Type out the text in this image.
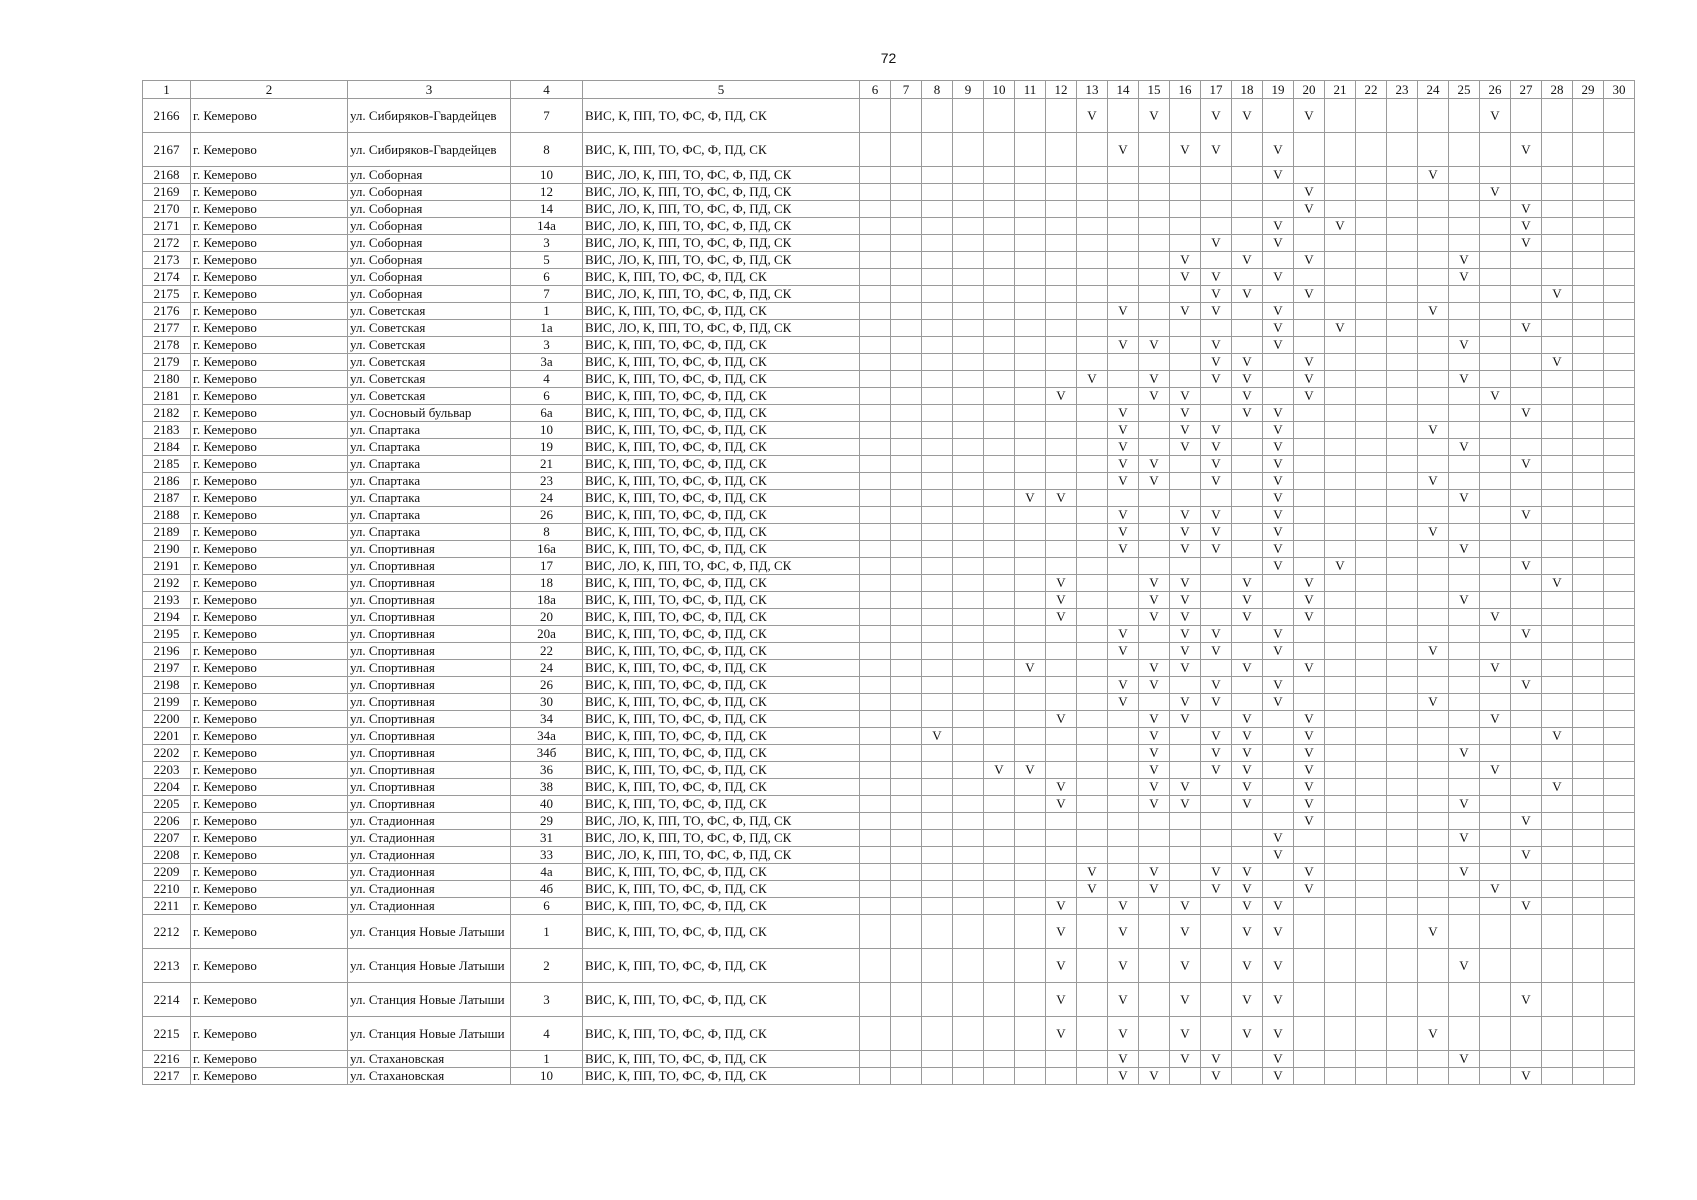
72
1	2	3	4	5	6	7	8	9	10	11	12	13	14	15	16	17	18	19	20	21	22	23	24	25	26	27	28	29	30
2166	г. Кемерово	ул. Сибиряков-Гвардейцев	7	ВИС, К, ПП, ТО, ФС, Ф, ПД, СК								V		V		V	V		V						V				
2167	г. Кемерово	ул. Сибиряков-Гвардейцев	8	ВИС, К, ПП, ТО, ФС, Ф, ПД, СК									V		V	V		V								V			
2168	г. Кемерово	ул. Соборная	10	ВИС, ЛО, К, ПП, ТО, ФС, Ф, ПД, СК														V					V						
2169	г. Кемерово	ул. Соборная	12	ВИС, ЛО, К, ПП, ТО, ФС, Ф, ПД, СК															V						V				
2170	г. Кемерово	ул. Соборная	14	ВИС, ЛО, К, ПП, ТО, ФС, Ф, ПД, СК															V							V			
2171	г. Кемерово	ул. Соборная	14а	ВИС, ЛО, К, ПП, ТО, ФС, Ф, ПД, СК														V		V						V			
2172	г. Кемерово	ул. Соборная	3	ВИС, ЛО, К, ПП, ТО, ФС, Ф, ПД, СК												V		V								V			
2173	г. Кемерово	ул. Соборная	5	ВИС, ЛО, К, ПП, ТО, ФС, Ф, ПД, СК											V		V		V					V					
2174	г. Кемерово	ул. Соборная	6	ВИС, К, ПП, ТО, ФС, Ф, ПД, СК											V	V		V						V					
2175	г. Кемерово	ул. Соборная	7	ВИС, ЛО, К, ПП, ТО, ФС, Ф, ПД, СК												V	V		V								V		
2176	г. Кемерово	ул. Советская	1	ВИС, К, ПП, ТО, ФС, Ф, ПД, СК									V		V	V		V					V						
2177	г. Кемерово	ул. Советская	1а	ВИС, ЛО, К, ПП, ТО, ФС, Ф, ПД, СК														V		V						V			
2178	г. Кемерово	ул. Советская	3	ВИС, К, ПП, ТО, ФС, Ф, ПД, СК									V	V		V		V						V					
2179	г. Кемерово	ул. Советская	3а	ВИС, К, ПП, ТО, ФС, Ф, ПД, СК												V	V		V								V		
2180	г. Кемерово	ул. Советская	4	ВИС, К, ПП, ТО, ФС, Ф, ПД, СК								V		V		V	V		V					V					
2181	г. Кемерово	ул. Советская	6	ВИС, К, ПП, ТО, ФС, Ф, ПД, СК							V			V	V		V		V						V				
2182	г. Кемерово	ул. Сосновый бульвар	6а	ВИС, К, ПП, ТО, ФС, Ф, ПД, СК									V		V		V	V								V			
2183	г. Кемерово	ул. Спартака	10	ВИС, К, ПП, ТО, ФС, Ф, ПД, СК									V		V	V		V					V						
2184	г. Кемерово	ул. Спартака	19	ВИС, К, ПП, ТО, ФС, Ф, ПД, СК									V		V	V		V						V					
2185	г. Кемерово	ул. Спартака	21	ВИС, К, ПП, ТО, ФС, Ф, ПД, СК									V	V		V		V								V			
2186	г. Кемерово	ул. Спартака	23	ВИС, К, ПП, ТО, ФС, Ф, ПД, СК									V	V		V		V					V						
2187	г. Кемерово	ул. Спартака	24	ВИС, К, ПП, ТО, ФС, Ф, ПД, СК						V	V							V						V					
2188	г. Кемерово	ул. Спартака	26	ВИС, К, ПП, ТО, ФС, Ф, ПД, СК									V		V	V		V								V			
2189	г. Кемерово	ул. Спартака	8	ВИС, К, ПП, ТО, ФС, Ф, ПД, СК									V		V	V		V					V						
2190	г. Кемерово	ул. Спортивная	16а	ВИС, К, ПП, ТО, ФС, Ф, ПД, СК									V		V	V		V						V					
2191	г. Кемерово	ул. Спортивная	17	ВИС, ЛО, К, ПП, ТО, ФС, Ф, ПД, СК														V		V						V			
2192	г. Кемерово	ул. Спортивная	18	ВИС, К, ПП, ТО, ФС, Ф, ПД, СК							V			V	V		V		V								V		
2193	г. Кемерово	ул. Спортивная	18а	ВИС, К, ПП, ТО, ФС, Ф, ПД, СК							V			V	V		V		V					V					
2194	г. Кемерово	ул. Спортивная	20	ВИС, К, ПП, ТО, ФС, Ф, ПД, СК							V			V	V		V		V						V				
2195	г. Кемерово	ул. Спортивная	20а	ВИС, К, ПП, ТО, ФС, Ф, ПД, СК									V		V	V		V								V			
2196	г. Кемерово	ул. Спортивная	22	ВИС, К, ПП, ТО, ФС, Ф, ПД, СК									V		V	V		V					V						
2197	г. Кемерово	ул. Спортивная	24	ВИС, К, ПП, ТО, ФС, Ф, ПД, СК						V				V	V		V		V						V				
2198	г. Кемерово	ул. Спортивная	26	ВИС, К, ПП, ТО, ФС, Ф, ПД, СК									V	V		V		V								V			
2199	г. Кемерово	ул. Спортивная	30	ВИС, К, ПП, ТО, ФС, Ф, ПД, СК									V		V	V		V					V						
2200	г. Кемерово	ул. Спортивная	34	ВИС, К, ПП, ТО, ФС, Ф, ПД, СК							V			V	V		V		V						V				
2201	г. Кемерово	ул. Спортивная	34а	ВИС, К, ПП, ТО, ФС, Ф, ПД, СК			V							V		V	V		V								V		
2202	г. Кемерово	ул. Спортивная	34б	ВИС, К, ПП, ТО, ФС, Ф, ПД, СК										V		V	V		V					V					
2203	г. Кемерово	ул. Спортивная	36	ВИС, К, ПП, ТО, ФС, Ф, ПД, СК					V	V				V		V	V		V						V				
2204	г. Кемерово	ул. Спортивная	38	ВИС, К, ПП, ТО, ФС, Ф, ПД, СК							V			V	V		V		V								V		
2205	г. Кемерово	ул. Спортивная	40	ВИС, К, ПП, ТО, ФС, Ф, ПД, СК							V			V	V		V		V					V					
2206	г. Кемерово	ул. Стадионная	29	ВИС, ЛО, К, ПП, ТО, ФС, Ф, ПД, СК															V							V			
2207	г. Кемерово	ул. Стадионная	31	ВИС, ЛО, К, ПП, ТО, ФС, Ф, ПД, СК														V						V					
2208	г. Кемерово	ул. Стадионная	33	ВИС, ЛО, К, ПП, ТО, ФС, Ф, ПД, СК														V								V			
2209	г. Кемерово	ул. Стадионная	4а	ВИС, К, ПП, ТО, ФС, Ф, ПД, СК								V		V		V	V		V					V					
2210	г. Кемерово	ул. Стадионная	4б	ВИС, К, ПП, ТО, ФС, Ф, ПД, СК								V		V		V	V		V						V				
2211	г. Кемерово	ул. Стадионная	6	ВИС, К, ПП, ТО, ФС, Ф, ПД, СК							V		V		V		V	V								V			
2212	г. Кемерово	ул. Станция Новые Латыши	1	ВИС, К, ПП, ТО, ФС, Ф, ПД, СК							V		V		V		V	V					V						
2213	г. Кемерово	ул. Станция Новые Латыши	2	ВИС, К, ПП, ТО, ФС, Ф, ПД, СК							V		V		V		V	V						V					
2214	г. Кемерово	ул. Станция Новые Латыши	3	ВИС, К, ПП, ТО, ФС, Ф, ПД, СК							V		V		V		V	V								V			
2215	г. Кемерово	ул. Станция Новые Латыши	4	ВИС, К, ПП, ТО, ФС, Ф, ПД, СК							V		V		V		V	V					V						
2216	г. Кемерово	ул. Стахановская	1	ВИС, К, ПП, ТО, ФС, Ф, ПД, СК									V		V	V		V						V					
2217	г. Кемерово	ул. Стахановская	10	ВИС, К, ПП, ТО, ФС, Ф, ПД, СК									V	V		V		V								V			
